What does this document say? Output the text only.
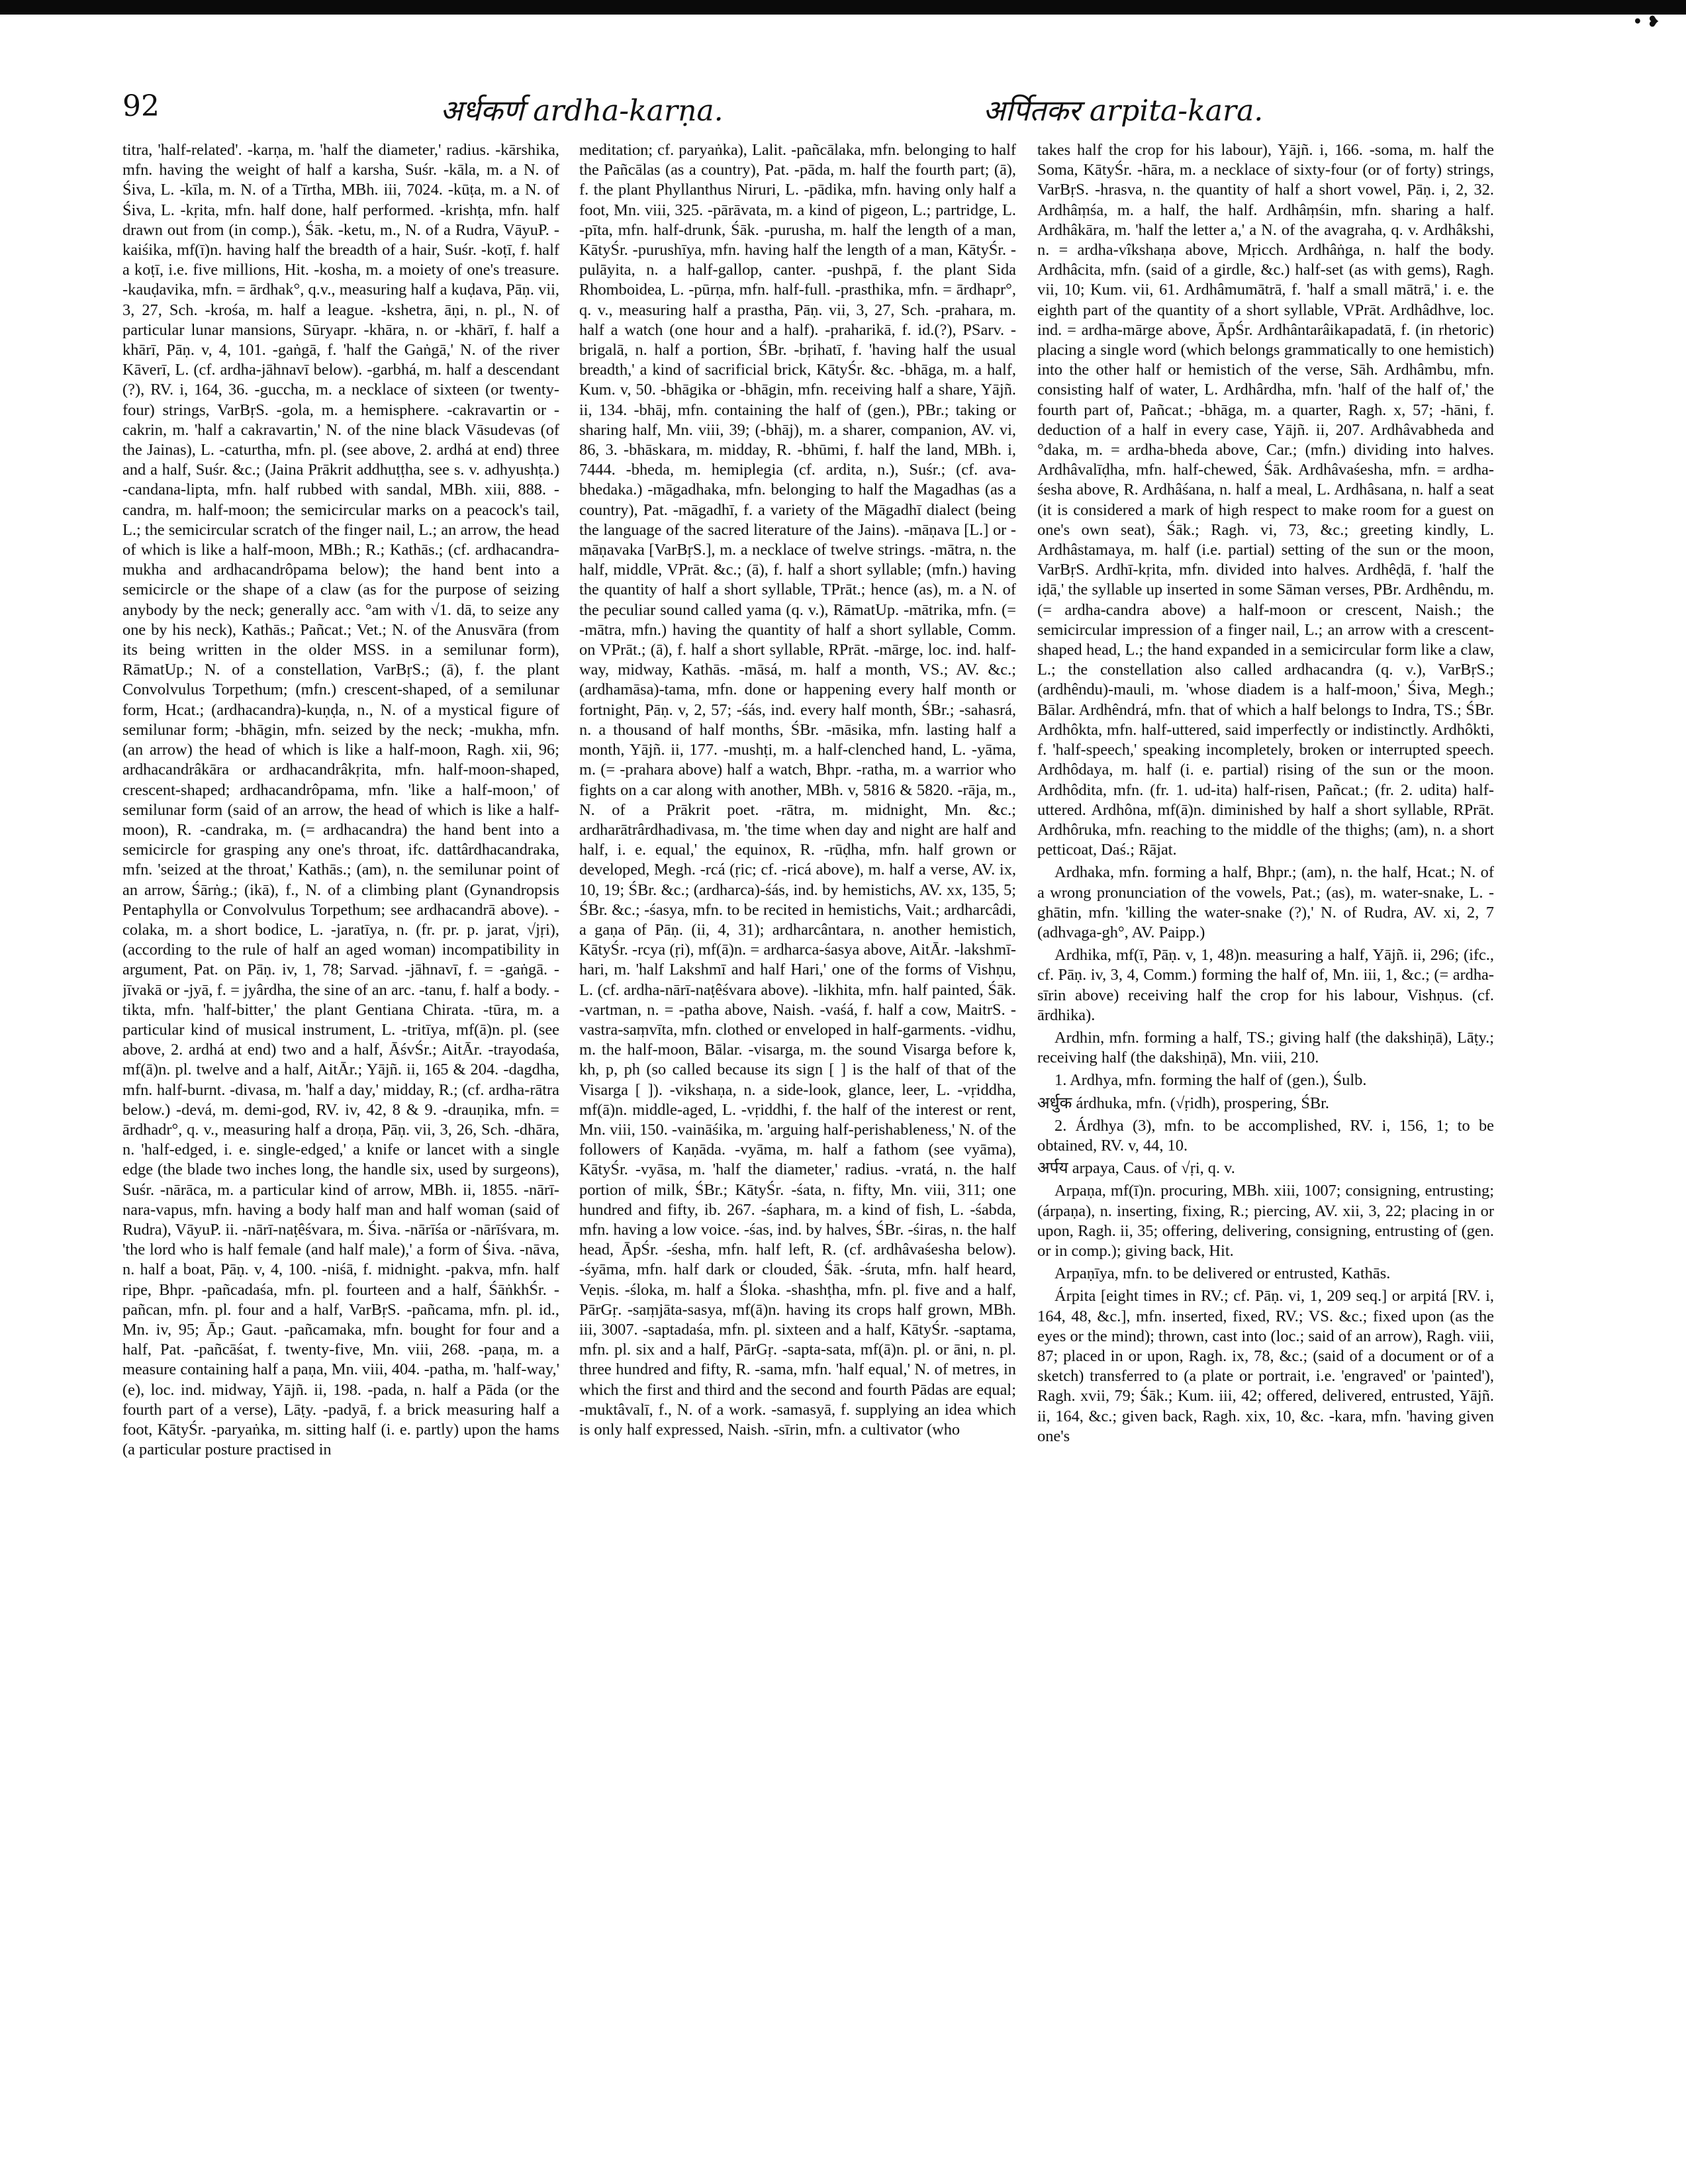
• ❥
92	अर्धकर्ण ardha-karṇa.	अर्पितकर arpita-kara.

titra, 'half-related'. -karṇa, m. 'half the diameter,' radius. -kārshika, mfn. having the weight of half a karsha, Suśr. -kāla, m. a N. of Śiva, L. -kīla, m. N. of a Tīrtha, MBh. iii, 7024. -kūṭa, m. a N. of Śiva, L. -kṛita, mfn. half done, half performed. -krishṭa, mfn. half drawn out from (in comp.), Śāk. -ketu, m., N. of a Rudra, VāyuP. -kaiśika, mf(ī)n. having half the breadth of a hair, Suśr. -koṭī, f. half a koṭī, i.e. five millions, Hit. -kosha, m. a moiety of one's treasure. -kauḍavika, mfn. = ārdhak°, q.v., measuring half a kuḍava, Pāṇ. vii, 3, 27, Sch. -krośa, m. half a league. -kshetra, āṇi, n. pl., N. of particular lunar mansions, Sūryapr. -khāra, n. or -khārī, f. half a khārī, Pāṇ. v, 4, 101. -gaṅgā, f. 'half the Gaṅgā,' N. of the river Kāverī, L. (cf. ardha-jāhnavī below). -garbhá, m. half a descendant (?), RV. i, 164, 36. -guccha, m. a necklace of sixteen (or twenty-four) strings, VarBṛS. -gola, m. a hemisphere. -cakravartin or -cakrin, m. 'half a cakravartin,' N. of the nine black Vāsudevas (of the Jainas), L. -caturtha, mfn. pl. (see above, 2. ardhá at end) three and a half, Suśr. &c.; (Jaina Prākrit addhuṭṭha, see s. v. adhyushṭa.) -candana-lipta, mfn. half rubbed with sandal, MBh. xiii, 888. -candra, m. half-moon; the semicircular marks on a peacock's tail, L.; the semicircular scratch of the finger nail, L.; an arrow, the head of which is like a half-moon, MBh.; R.; Kathās.; (cf. ardhacandra-mukha and ardhacandrôpama below); the hand bent into a semicircle or the shape of a claw (as for the purpose of seizing anybody by the neck; generally acc. °am with √1. dā, to seize any one by his neck), Kathās.; Pañcat.; Vet.; N. of the Anusvāra (from its being written in the older MSS. in a semilunar form), RāmatUp.; N. of a constellation, VarBṛS.; (ā), f. the plant Convolvulus Torpethum; (mfn.) crescent-shaped, of a semilunar form, Hcat.; (ardhacandra)-kuṇḍa, n., N. of a mystical figure of semilunar form; -bhāgin, mfn. seized by the neck; -mukha, mfn. (an arrow) the head of which is like a half-moon, Ragh. xii, 96; ardhacandrâkāra or ardhacandrâkṛita, mfn. half-moon-shaped, crescent-shaped; ardhacandrôpama, mfn. 'like a half-moon,' of semilunar form (said of an arrow, the head of which is like a half-moon), R. -candraka, m. (= ardhacandra) the hand bent into a semicircle for grasping any one's throat, ifc. dattârdhacandraka, mfn. 'seized at the throat,' Kathās.; (am), n. the semilunar point of an arrow, Śārṅg.; (ikā), f., N. of a climbing plant (Gynandropsis Pentaphylla or Convolvulus Torpethum; see ardhacandrā above). -colaka, m. a short bodice, L. -jaratīya, n. (fr. pr. p. jarat, √jṛi), (according to the rule of half an aged woman) incompatibility in argument, Pat. on Pāṇ. iv, 1, 78; Sarvad. -jāhnavī, f. = -gaṅgā. -jīvakā or -jyā, f. = jyârdha, the sine of an arc. -tanu, f. half a body. -tikta, mfn. 'half-bitter,' the plant Gentiana Chirata. -tūra, m. a particular kind of musical instrument, L. -tritīya, mf(ā)n. pl. (see above, 2. ardhá at end) two and a half, ĀśvŚr.; AitĀr. -trayodaśa, mf(ā)n. pl. twelve and a half, AitĀr.; Yājñ. ii, 165 & 204. -dagdha, mfn. half-burnt. -divasa, m. 'half a day,' midday, R.; (cf. ardha-rātra below.) -devá, m. demi-god, RV. iv, 42, 8 & 9. -drauṇika, mfn. = ārdhadr°, q. v., measuring half a droṇa, Pāṇ. vii, 3, 26, Sch. -dhāra, n. 'half-edged, i. e. single-edged,' a knife or lancet with a single edge (the blade two inches long, the handle six, used by surgeons), Suśr. -nārāca, m. a particular kind of arrow, MBh. ii, 1855. -nārī-nara-vapus, mfn. having a body half man and half woman (said of Rudra), VāyuP. ii. -nārī-naṭêśvara, m. Śiva. -nārīśa or -nārīśvara, m. 'the lord who is half female (and half male),' a form of Śiva. -nāva, n. half a boat, Pāṇ. v, 4, 100. -niśā, f. midnight. -pakva, mfn. half ripe, Bhpr. -pañcadaśa, mfn. pl. fourteen and a half, ŚāṅkhŚr. -pañcan, mfn. pl. four and a half, VarBṛS. -pañcama, mfn. pl. id., Mn. iv, 95; Āp.; Gaut. -pañcamaka, mfn. bought for four and a half, Pat. -pañcāśat, f. twenty-five, Mn. viii, 268. -paṇa, m. a measure containing half a paṇa, Mn. viii, 404. -patha, m. 'half-way,' (e), loc. ind. midway, Yājñ. ii, 198. -pada, n. half a Pāda (or the fourth part of a verse), Lāṭy. -padyā, f. a brick measuring half a foot, KātyŚr. -paryaṅka, m. sitting half (i. e. partly) upon the hams (a particular posture practised in

meditation; cf. paryaṅka), Lalit. -pañcālaka, mfn. belonging to half the Pañcālas (as a country), Pat. -pāda, m. half the fourth part; (ā), f. the plant Phyllanthus Niruri, L. -pādika, mfn. having only half a foot, Mn. viii, 325. -pārāvata, m. a kind of pigeon, L.; partridge, L. -pīta, mfn. half-drunk, Śāk. -purusha, m. half the length of a man, KātyŚr. -purushīya, mfn. having half the length of a man, KātyŚr. -pulāyita, n. a half-gallop, canter. -pushpā, f. the plant Sida Rhomboidea, L. -pūrṇa, mfn. half-full. -prasthika, mfn. = ārdhapr°, q. v., measuring half a prastha, Pāṇ. vii, 3, 27, Sch. -prahara, m. half a watch (one hour and a half). -praharikā, f. id.(?), PSarv. -brigalā, n. half a portion, ŚBr. -bṛihatī, f. 'having half the usual breadth,' a kind of sacrificial brick, KātyŚr. &c. -bhāga, m. a half, Kum. v, 50. -bhāgika or -bhāgin, mfn. receiving half a share, Yājñ. ii, 134. -bhāj, mfn. containing the half of (gen.), PBr.; taking or sharing half, Mn. viii, 39; (-bhāj), m. a sharer, companion, AV. vi, 86, 3. -bhāskara, m. midday, R. -bhūmi, f. half the land, MBh. i, 7444. -bheda, m. hemiplegia (cf. ardita, n.), Suśr.; (cf. ava-bhedaka.) -māgadhaka, mfn. belonging to half the Magadhas (as a country), Pat. -māgadhī, f. a variety of the Māgadhī dialect (being the language of the sacred literature of the Jains). -māṇava [L.] or -māṇavaka [VarBṛS.], m. a necklace of twelve strings. -mātra, n. the half, middle, VPrāt. &c.; (ā), f. half a short syllable; (mfn.) having the quantity of half a short syllable, TPrāt.; hence (as), m. a N. of the peculiar sound called yama (q. v.), RāmatUp. -mātrika, mfn. (= -mātra, mfn.) having the quantity of half a short syllable, Comm. on VPrāt.; (ā), f. half a short syllable, RPrāt. -mārge, loc. ind. half-way, midway, Kathās. -māsá, m. half a month, VS.; AV. &c.; (ardhamāsa)-tama, mfn. done or happening every half month or fortnight, Pāṇ. v, 2, 57; -śás, ind. every half month, ŚBr.; -sahasrá, n. a thousand of half months, ŚBr. -māsika, mfn. lasting half a month, Yājñ. ii, 177. -mushṭi, m. a half-clenched hand, L. -yāma, m. (= -prahara above) half a watch, Bhpr. -ratha, m. a warrior who fights on a car along with another, MBh. v, 5816 & 5820. -rāja, m., N. of a Prākrit poet. -rātra, m. midnight, Mn. &c.; ardharātrârdhadivasa, m. 'the time when day and night are half and half, i. e. equal,' the equinox, R. -rūḍha, mfn. half grown or developed, Megh. -rcá (ṛic; cf. -ricá above), m. half a verse, AV. ix, 10, 19; ŚBr. &c.; (ardharca)-śás, ind. by hemistichs, AV. xx, 135, 5; ŚBr. &c.; -śasya, mfn. to be recited in hemistichs, Vait.; ardharcâdi, a gaṇa of Pāṇ. (ii, 4, 31); ardharcântara, n. another hemistich, KātyŚr. -rcya (ṛi), mf(ā)n. = ardharca-śasya above, AitĀr. -lakshmī-hari, m. 'half Lakshmī and half Hari,' one of the forms of Vishṇu, L. (cf. ardha-nārī-naṭêśvara above). -likhita, mfn. half painted, Śāk. -vartman, n. = -patha above, Naish. -vaśá, f. half a cow, MaitrS. -vastra-saṃvīta, mfn. clothed or enveloped in half-garments. -vidhu, m. the half-moon, Bālar. -visarga, m. the sound Visarga before k, kh, p, ph (so called because its sign [ ] is the half of that of the Visarga [ ]). -vikshaṇa, n. a side-look, glance, leer, L. -vṛiddha, mf(ā)n. middle-aged, L. -vṛiddhi, f. the half of the interest or rent, Mn. viii, 150. -vaināśika, m. 'arguing half-perishableness,' N. of the followers of Kaṇāda. -vyāma, m. half a fathom (see vyāma), KātyŚr. -vyāsa, m. 'half the diameter,' radius. -vratá, n. the half portion of milk, ŚBr.; KātyŚr. -śata, n. fifty, Mn. viii, 311; one hundred and fifty, ib. 267. -śaphara, m. a kind of fish, L. -śabda, mfn. having a low voice. -śas, ind. by halves, ŚBr. -śiras, n. the half head, ĀpŚr. -śesha, mfn. half left, R. (cf. ardhâvaśesha below). -śyāma, mfn. half dark or clouded, Śāk. -śruta, mfn. half heard, Veṇis. -śloka, m. half a Śloka. -shashṭha, mfn. pl. five and a half, PārGṛ. -saṃjāta-sasya, mf(ā)n. having its crops half grown, MBh. iii, 3007. -saptadaśa, mfn. pl. sixteen and a half, KātyŚr. -saptama, mfn. pl. six and a half, PārGṛ. -sapta-sata, mf(ā)n. pl. or āni, n. pl. three hundred and fifty, R. -sama, mfn. 'half equal,' N. of metres, in which the first and third and the second and fourth Pādas are equal; -muktâvalī, f., N. of a work. -samasyā, f. supplying an idea which is only half expressed, Naish. -sīrin, mfn. a cultivator (who

takes half the crop for his labour), Yājñ. i, 166. -soma, m. half the Soma, KātyŚr. -hāra, m. a necklace of sixty-four (or of forty) strings, VarBṛS. -hrasva, n. the quantity of half a short vowel, Pāṇ. i, 2, 32. Ardhâṃśa, m. a half, the half. Ardhâṃśin, mfn. sharing a half. Ardhâkāra, m. 'half the letter a,' a N. of the avagraha, q. v. Ardhâkshi, n. = ardha-vîkshaṇa above, Mṛicch. Ardhâṅga, n. half the body. Ardhâcita, mfn. (said of a girdle, &c.) half-set (as with gems), Ragh. vii, 10; Kum. vii, 61. Ardhâmumātrā, f. 'half a small mātrā,' i. e. the eighth part of the quantity of a short syllable, VPrāt. Ardhâdhve, loc. ind. = ardha-mārge above, ĀpŚr. Ardhântarâikapadatā, f. (in rhetoric) placing a single word (which belongs grammatically to one hemistich) into the other half or hemistich of the verse, Sāh. Ardhâmbu, mfn. consisting half of water, L. Ardhârdha, mfn. 'half of the half of,' the fourth part of, Pañcat.; -bhāga, m. a quarter, Ragh. x, 57; -hāni, f. deduction of a half in every case, Yājñ. ii, 207. Ardhâvabheda and °daka, m. = ardha-bheda above, Car.; (mfn.) dividing into halves. Ardhâvalīḍha, mfn. half-chewed, Śāk. Ardhâvaśesha, mfn. = ardha-śesha above, R. Ardhâśana, n. half a meal, L. Ardhâsana, n. half a seat (it is considered a mark of high respect to make room for a guest on one's own seat), Śāk.; Ragh. vi, 73, &c.; greeting kindly, L. Ardhâstamaya, m. half (i.e. partial) setting of the sun or the moon, VarBṛS. Ardhī-kṛita, mfn. divided into halves. Ardhêḍā, f. 'half the iḍā,' the syllable up inserted in some Sāman verses, PBr. Ardhêndu, m. (= ardha-candra above) a half-moon or crescent, Naish.; the semicircular impression of a finger nail, L.; an arrow with a crescent-shaped head, L.; the hand expanded in a semicircular form like a claw, L.; the constellation also called ardhacandra (q. v.), VarBṛS.; (ardhêndu)-mauli, m. 'whose diadem is a half-moon,' Śiva, Megh.; Bālar. Ardhêndrá, mfn. that of which a half belongs to Indra, TS.; ŚBr. Ardhôkta, mfn. half-uttered, said imperfectly or indistinctly. Ardhôkti, f. 'half-speech,' speaking incompletely, broken or interrupted speech. Ardhôdaya, m. half (i. e. partial) rising of the sun or the moon. Ardhôdita, mfn. (fr. 1. ud-ita) half-risen, Pañcat.; (fr. 2. udita) half-uttered. Ardhôna, mf(ā)n. diminished by half a short syllable, RPrāt. Ardhôruka, mfn. reaching to the middle of the thighs; (am), n. a short petticoat, Daś.; Rājat.

Ardhaka, mfn. forming a half, Bhpr.; (am), n. the half, Hcat.; N. of a wrong pronunciation of the vowels, Pat.; (as), m. water-snake, L. -ghātin, mfn. 'killing the water-snake (?),' N. of Rudra, AV. xi, 2, 7 (adhvaga-gh°, AV. Paipp.)

Ardhika, mf(ī, Pāṇ. v, 1, 48)n. measuring a half, Yājñ. ii, 296; (ifc., cf. Pāṇ. iv, 3, 4, Comm.) forming the half of, Mn. iii, 1, &c.; (= ardha-sīrin above) receiving half the crop for his labour, Vishṇus. (cf. ārdhika).

Ardhin, mfn. forming a half, TS.; giving half (the dakshiṇā), Lāṭy.; receiving half (the dakshiṇā), Mn. viii, 210.

1. Ardhya, mfn. forming the half of (gen.), Śulb.

अर्धुक árdhuka, mfn. (√ṛidh), prospering, ŚBr.

2. Árdhya (3), mfn. to be accomplished, RV. i, 156, 1; to be obtained, RV. v, 44, 10.

अर्पय arpaya, Caus. of √ṛi, q. v.

Arpaṇa, mf(ī)n. procuring, MBh. xiii, 1007; consigning, entrusting; (árpaṇa), n. inserting, fixing, R.; piercing, AV. xii, 3, 22; placing in or upon, Ragh. ii, 35; offering, delivering, consigning, entrusting of (gen. or in comp.); giving back, Hit.

Arpaṇīya, mfn. to be delivered or entrusted, Kathās.

Árpita [eight times in RV.; cf. Pāṇ. vi, 1, 209 seq.] or arpitá [RV. i, 164, 48, &c.], mfn. inserted, fixed, RV.; VS. &c.; fixed upon (as the eyes or the mind); thrown, cast into (loc.; said of an arrow), Ragh. viii, 87; placed in or upon, Ragh. ix, 78, &c.; (said of a document or of a sketch) transferred to (a plate or portrait, i.e. 'engraved' or 'painted'), Ragh. xvii, 79; Śāk.; Kum. iii, 42; offered, delivered, entrusted, Yājñ. ii, 164, &c.; given back, Ragh. xix, 10, &c. -kara, mfn. 'having given one's
